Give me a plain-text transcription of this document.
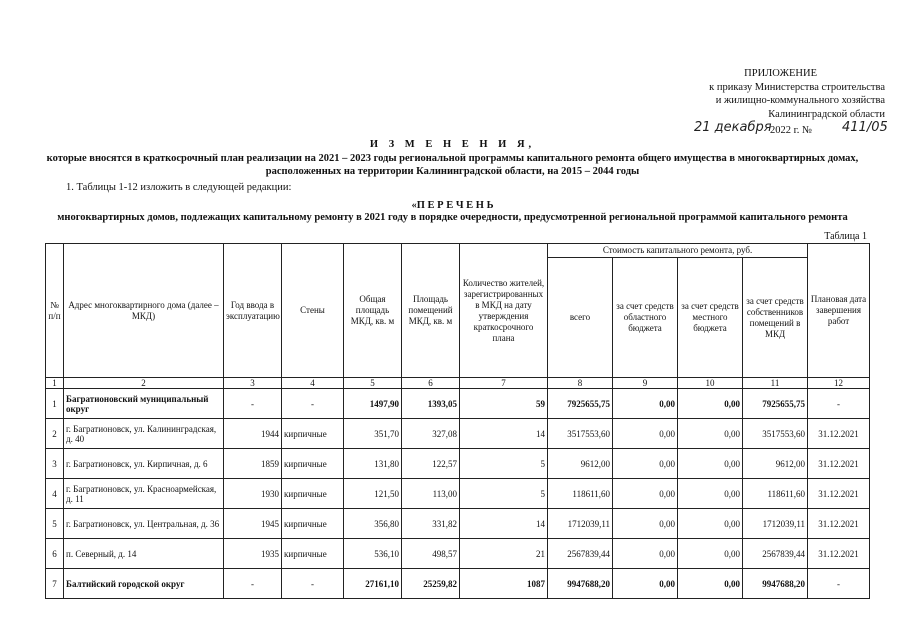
ПРИЛОЖЕНИЕ
к приказу Министерства строительства
и жилищно-коммунального хозяйства
Калининградской области
21 декабря
2022 г. № 411/05
И З М Е Н Е Н И Я,
которые вносятся в краткосрочный план реализации на 2021 – 2023 годы региональной программы капитального ремонта общего имущества в многоквартирных домах,
расположенных на территории Калининградской области, на 2015 – 2044 годы
1. Таблицы 1-12 изложить в следующей редакции:
«П Е Р Е Ч Е Н Ь
многоквартирных домов, подлежащих капитальному ремонту в 2021 году в порядке очередности, предусмотренной региональной программой капитального ремонта
Таблица 1
№ п/п	Адрес многоквартирного дома (далее – МКД)	Год ввода в эксплуатацию	Стены	Общая площадь МКД, кв. м	Площадь помещений МКД, кв. м	Количество жителей, зарегистрированных в МКД на дату утверждения краткосрочного плана	Стоимость капитального ремонта, руб.				Плановая дата завершения работ
							всего	за счет средств областного бюджета	за счет средств местного бюджета	за счет средств собственников помещений в МКД	
1	2	3	4	5	6	7	8	9	10	11	12
1	Багратионовский муниципальный округ	-	-	1497,90	1393,05	59	7925655,75	0,00	0,00	7925655,75	-
2	г. Багратионовск, ул. Калининградская, д. 40	1944	кирпичные	351,70	327,08	14	3517553,60	0,00	0,00	3517553,60	31.12.2021
3	г. Багратионовск, ул. Кирпичная, д. 6	1859	кирпичные	131,80	122,57	5	9612,00	0,00	0,00	9612,00	31.12.2021
4	г. Багратионовск, ул. Красноармейская, д. 11	1930	кирпичные	121,50	113,00	5	118611,60	0,00	0,00	118611,60	31.12.2021
5	г. Багратионовск, ул. Центральная, д. 36	1945	кирпичные	356,80	331,82	14	1712039,11	0,00	0,00	1712039,11	31.12.2021
6	п. Северный, д. 14	1935	кирпичные	536,10	498,57	21	2567839,44	0,00	0,00	2567839,44	31.12.2021
7	Балтийский городской округ	-	-	27161,10	25259,82	1087	9947688,20	0,00	0,00	9947688,20	-
